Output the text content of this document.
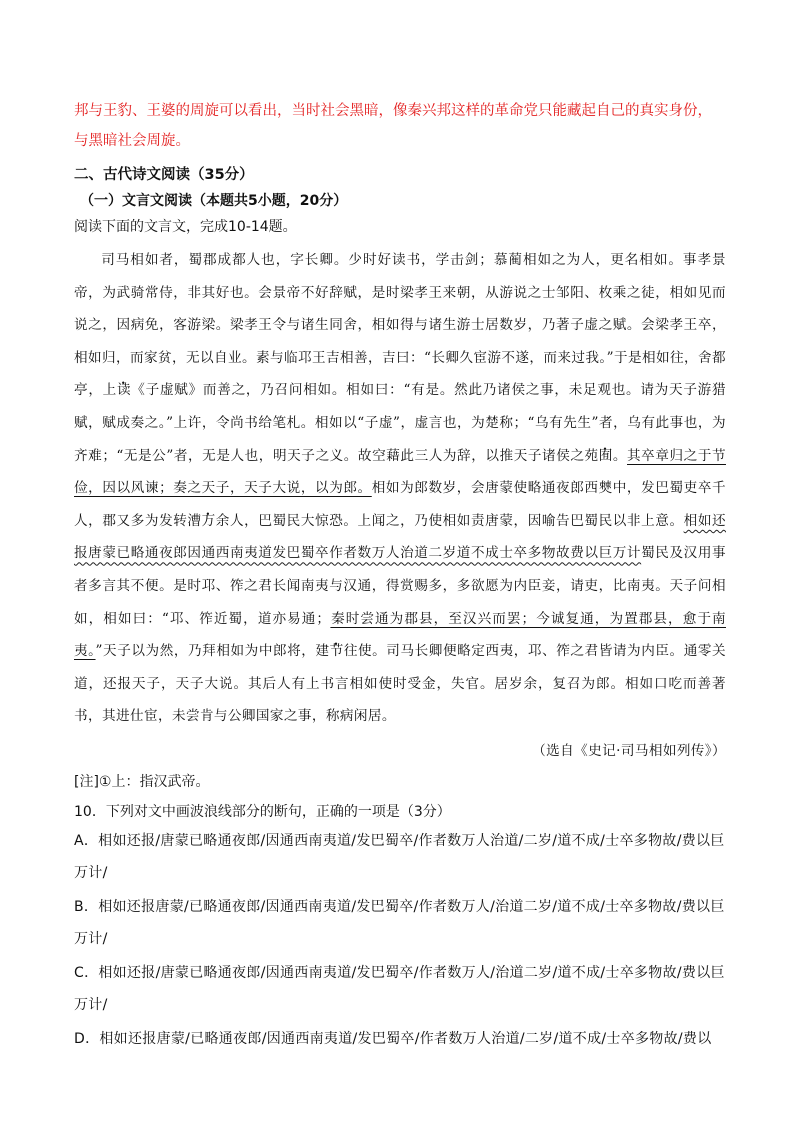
邦与王豹、王婆的周旋可以看出，当时社会黑暗，像秦兴邦这样的革命党只能藏起自己的真实身份，与黑暗社会周旋。
二、古代诗文阅读（35分）
（一）文言文阅读（本题共5小题，20分）
阅读下面的文言文，完成10-14题。
司马相如者，蜀郡成都人也，字长卿。少时好读书，学击剑；慕蔺相如之为人，更名相如。事孝景帝，为武骑常侍，非其好也。会景帝不好辞赋，是时梁孝王来朝，从游说之士邹阳、枚乘之徒，相如见而说之，因病免，客游梁。梁孝王令与诸生同舍，相如得与诸生游士居数岁，乃著子虚之赋。会梁孝王卒，相如归，而家贫，无以自业。素与临邛王吉相善，吉曰：“长卿久宦游不遂，而来过我。”于是相如往，舍都亭，上读《子虚赋》而善之，乃召问相如。相如曰：“有是。然此乃诸侯之事，未足观也。请为天子游猎赋，赋成奏之。”上许，令尚书给笔札。相如以“子虚”，虚言也，为楚称；“乌有先生”者，乌有此事也，为齐难；“无是公”者，无是人也，明天子之义。故空藉此三人为辞，以推天子诸侯之苑囿。其卒章归之于节俭，因以风谏；奏之天子，天子大说，以为郎。相如为郎数岁，会唐蒙使略通夜郎西僰中，发巴蜀吏卒千人，郡又多为发转漕万余人，巴蜀民大惊恐。上闻之，乃使相如责唐蒙，因喻告巴蜀民以非上意。相如还报唐蒙已略通夜郎因通西南夷道发巴蜀卒作者数万人治道二岁道不成士卒多物故费以巨万计蜀民及汉用事者多言其不便。是时邛、筰之君长闻南夷与汉通，得赏赐多，多欲愿为内臣妾，请吏，比南夷。天子问相如，相如曰：“邛、筰近蜀，道亦易通；秦时尝通为郡县，至汉兴而罢；今诚复通，为置郡县，愈于南夷。”天子以为然，乃拜相如为中郎将，建节往使。司马长卿便略定西夷，邛、筰之君皆请为内臣。通零关道，还报天子，天子大说。其后人有上书言相如使时受金，失官。居岁余，复召为郎。相如口吃而善著书，其进仕宦，未尝肯与公卿国家之事，称病闲居。
（选自《史记·司马相如列传》）
[注]①上：指汉武帝。
10．下列对文中画波浪线部分的断句，正确的一项是（3分）
A．相如还报/唐蒙已略通夜郎/因通西南夷道/发巴蜀卒/作者数万人治道/二岁/道不成/士卒多物故/费以巨万计/
B．相如还报唐蒙/已略通夜郎/因通西南夷道/发巴蜀卒/作者数万人/治道二岁/道不成/士卒多物故/费以巨万计/
C．相如还报/唐蒙已略通夜郎/因通西南夷道/发巴蜀卒/作者数万人/治道二岁/道不成/士卒多物故/费以巨万计/
D．相如还报唐蒙/已略通夜郎/因通西南夷道/发巴蜀卒/作者数万人治道/二岁/道不成/士卒多物故/费以
